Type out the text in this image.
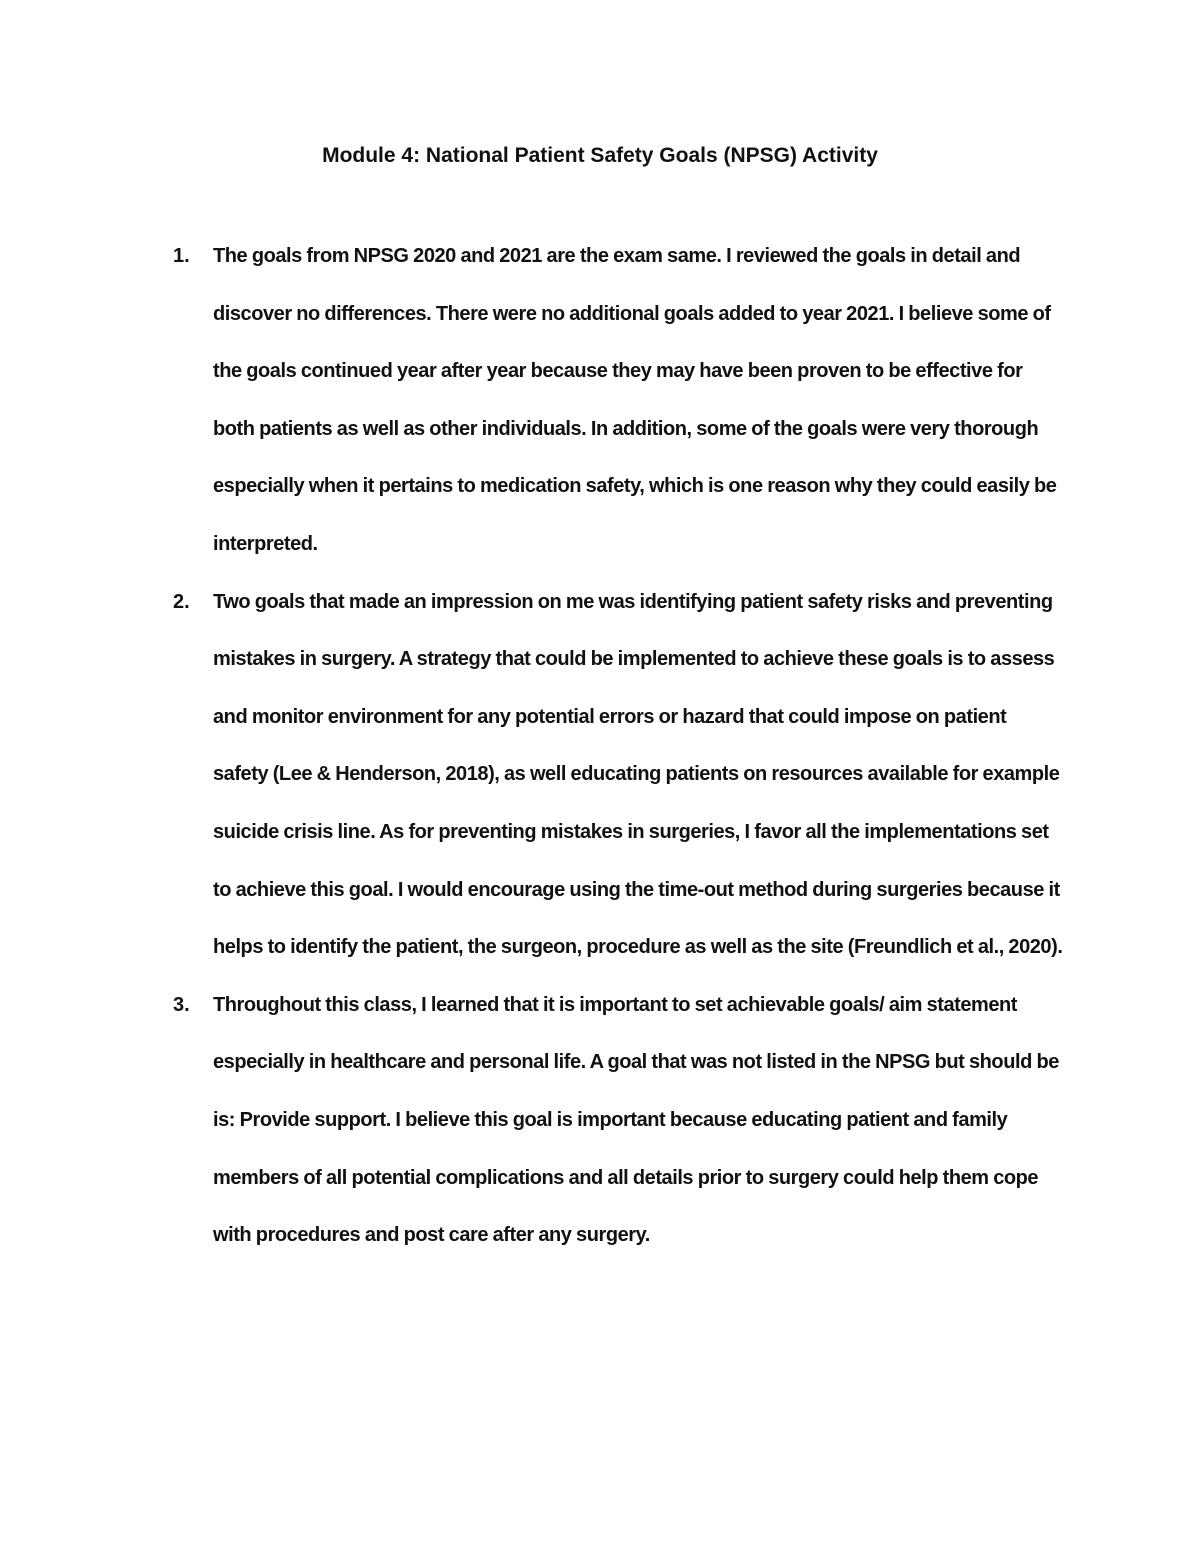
Module 4: National Patient Safety Goals (NPSG) Activity
1. The goals from NPSG 2020 and 2021 are the exam same. I reviewed the goals in detail and discover no differences. There were no additional goals added to year 2021. I believe some of the goals continued year after year because they may have been proven to be effective for both patients as well as other individuals. In addition, some of the goals were very thorough especially when it pertains to medication safety, which is one reason why they could easily be interpreted.
2. Two goals that made an impression on me was identifying patient safety risks and preventing mistakes in surgery. A strategy that could be implemented to achieve these goals is to assess and monitor environment for any potential errors or hazard that could impose on patient safety (Lee & Henderson, 2018), as well educating patients on resources available for example suicide crisis line. As for preventing mistakes in surgeries, I favor all the implementations set to achieve this goal. I would encourage using the time-out method during surgeries because it helps to identify the patient, the surgeon, procedure as well as the site (Freundlich et al., 2020).
3. Throughout this class, I learned that it is important to set achievable goals/ aim statement especially in healthcare and personal life. A goal that was not listed in the NPSG but should be is: Provide support. I believe this goal is important because educating patient and family members of all potential complications and all details prior to surgery could help them cope with procedures and post care after any surgery.
